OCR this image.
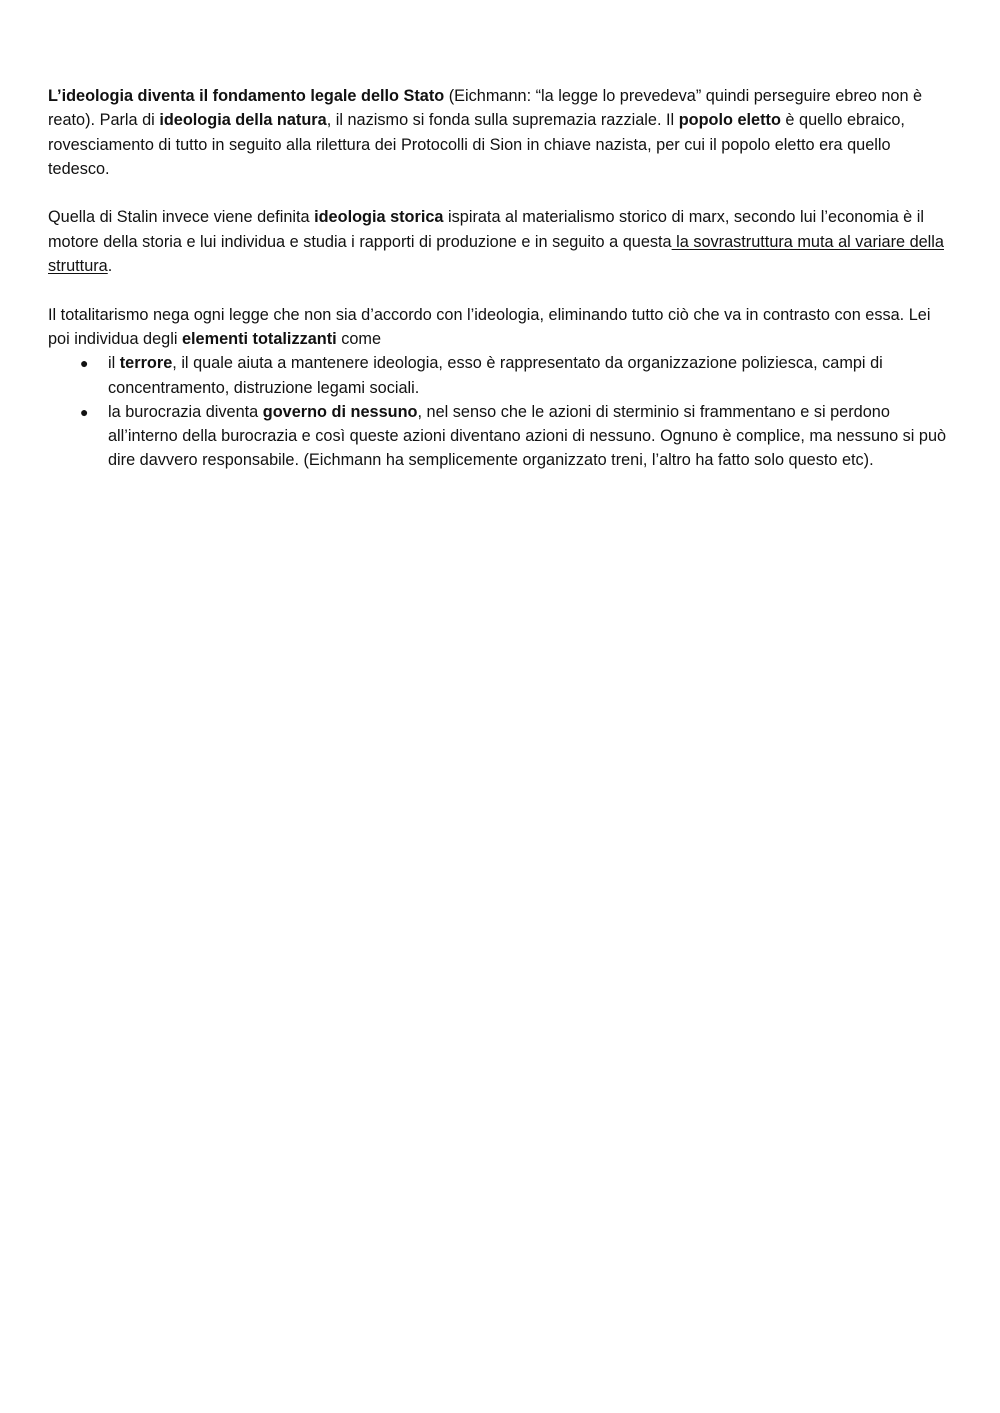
L’ideologia diventa il fondamento legale dello Stato (Eichmann: “la legge lo prevedeva” quindi perseguire ebreo non è reato). Parla di ideologia della natura, il nazismo si fonda sulla supremazia razziale. Il popolo eletto è quello ebraico, rovesciamento di tutto in seguito alla rilettura dei Protocolli di Sion in chiave nazista, per cui il popolo eletto era quello tedesco.

Quella di Stalin invece viene definita ideologia storica ispirata al materialismo storico di marx, secondo lui l’economia è il motore della storia e lui individua e studia i rapporti di produzione e in seguito a questa la sovrastruttura muta al variare della struttura.

Il totalitarismo nega ogni legge che non sia d’accordo con l’ideologia, eliminando tutto ciò che va in contrasto con essa. Lei poi individua degli elementi totalizzanti come

● il terrore, il quale aiuta a mantenere ideologia, esso è rappresentato da organizzazione poliziesca, campi di concentramento, distruzione legami sociali.
● la burocrazia diventa governo di nessuno, nel senso che le azioni di sterminio si frammentano e si perdono all’interno della burocrazia e così queste azioni diventano azioni di nessuno. Ognuno è complice, ma nessuno si può dire davvero responsabile. (Eichmann ha semplicemente organizzato treni, l’altro ha fatto solo questo etc).
